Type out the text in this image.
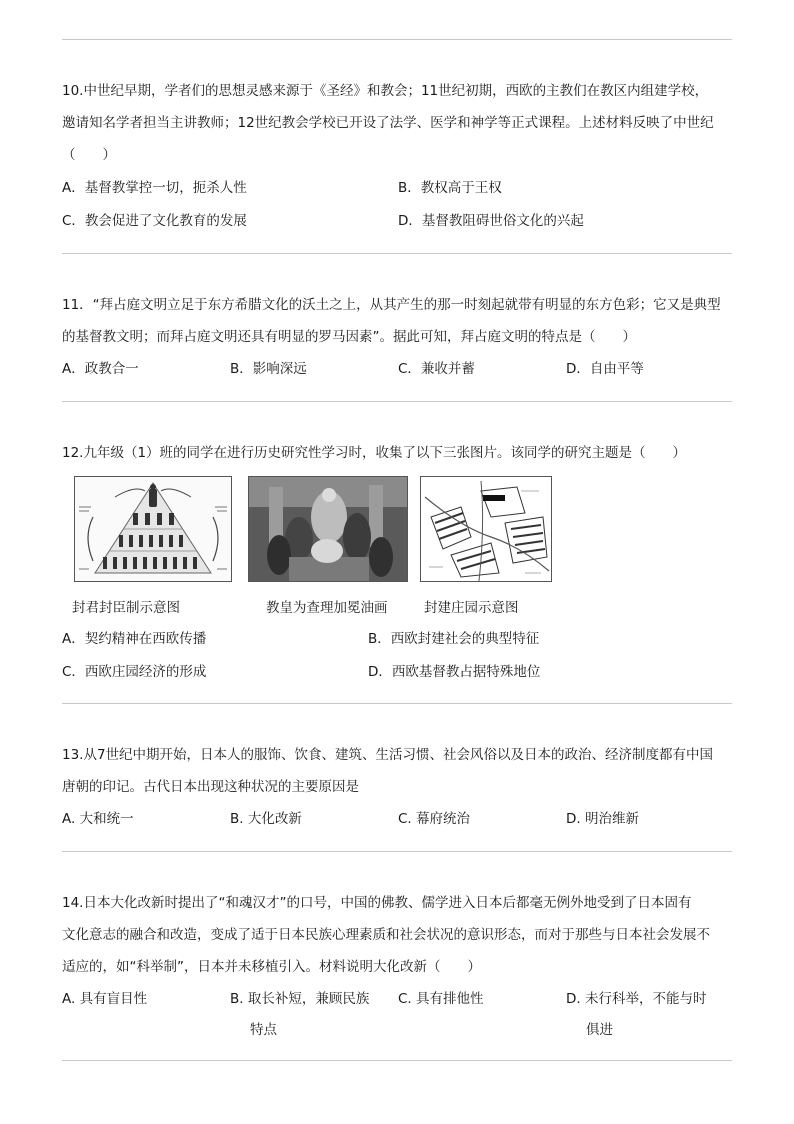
10.中世纪早期，学者们的思想灵感来源于《圣经》和教会；11世纪初期，西欧的主教们在教区内组建学校，
邀请知名学者担当主讲教师；12世纪教会学校已开设了法学、医学和神学等正式课程。上述材料反映了中世纪
（　　）
A．基督教掌控一切，扼杀人性	B．教权高于王权
C．教会促进了文化教育的发展	D．基督教阻碍世俗文化的兴起
11．“拜占庭文明立足于东方希腊文化的沃土之上，从其产生的那一时刻起就带有明显的东方色彩；它又是典型
的基督教文明；而拜占庭文明还具有明显的罗马因素”。据此可知，拜占庭文明的特点是（　　）
A．政教合一	B．影响深远	C．兼收并蓄	D．自由平等
12.九年级（1）班的同学在进行历史研究性学习时，收集了以下三张图片。该同学的研究主题是（　　）
封君封臣制示意图	教皇为查理加冕油画	封建庄园示意图
A．契约精神在西欧传播	B．西欧封建社会的典型特征
C．西欧庄园经济的形成	D．西欧基督教占据特殊地位
13.从7世纪中期开始，日本人的服饰、饮食、建筑、生活习惯、社会风俗以及日本的政治、经济制度都有中国
唐朝的印记。古代日本出现这种状况的主要原因是
A. 大和统一	B. 大化改新	C. 幕府统治	D. 明治维新
14.日本大化改新时提出了“和魂汉才”的口号，中国的佛教、儒学进入日本后都毫无例外地受到了日本固有
文化意志的融合和改造，变成了适于日本民族心理素质和社会状况的意识形态，而对于那些与日本社会发展不
适应的，如“科举制”，日本并未移植引入。材料说明大化改新（　　）
A. 具有盲目性	B. 取长补短，兼顾民族
特点
C. 具有排他性	D. 未行科举，不能与时
俱进
